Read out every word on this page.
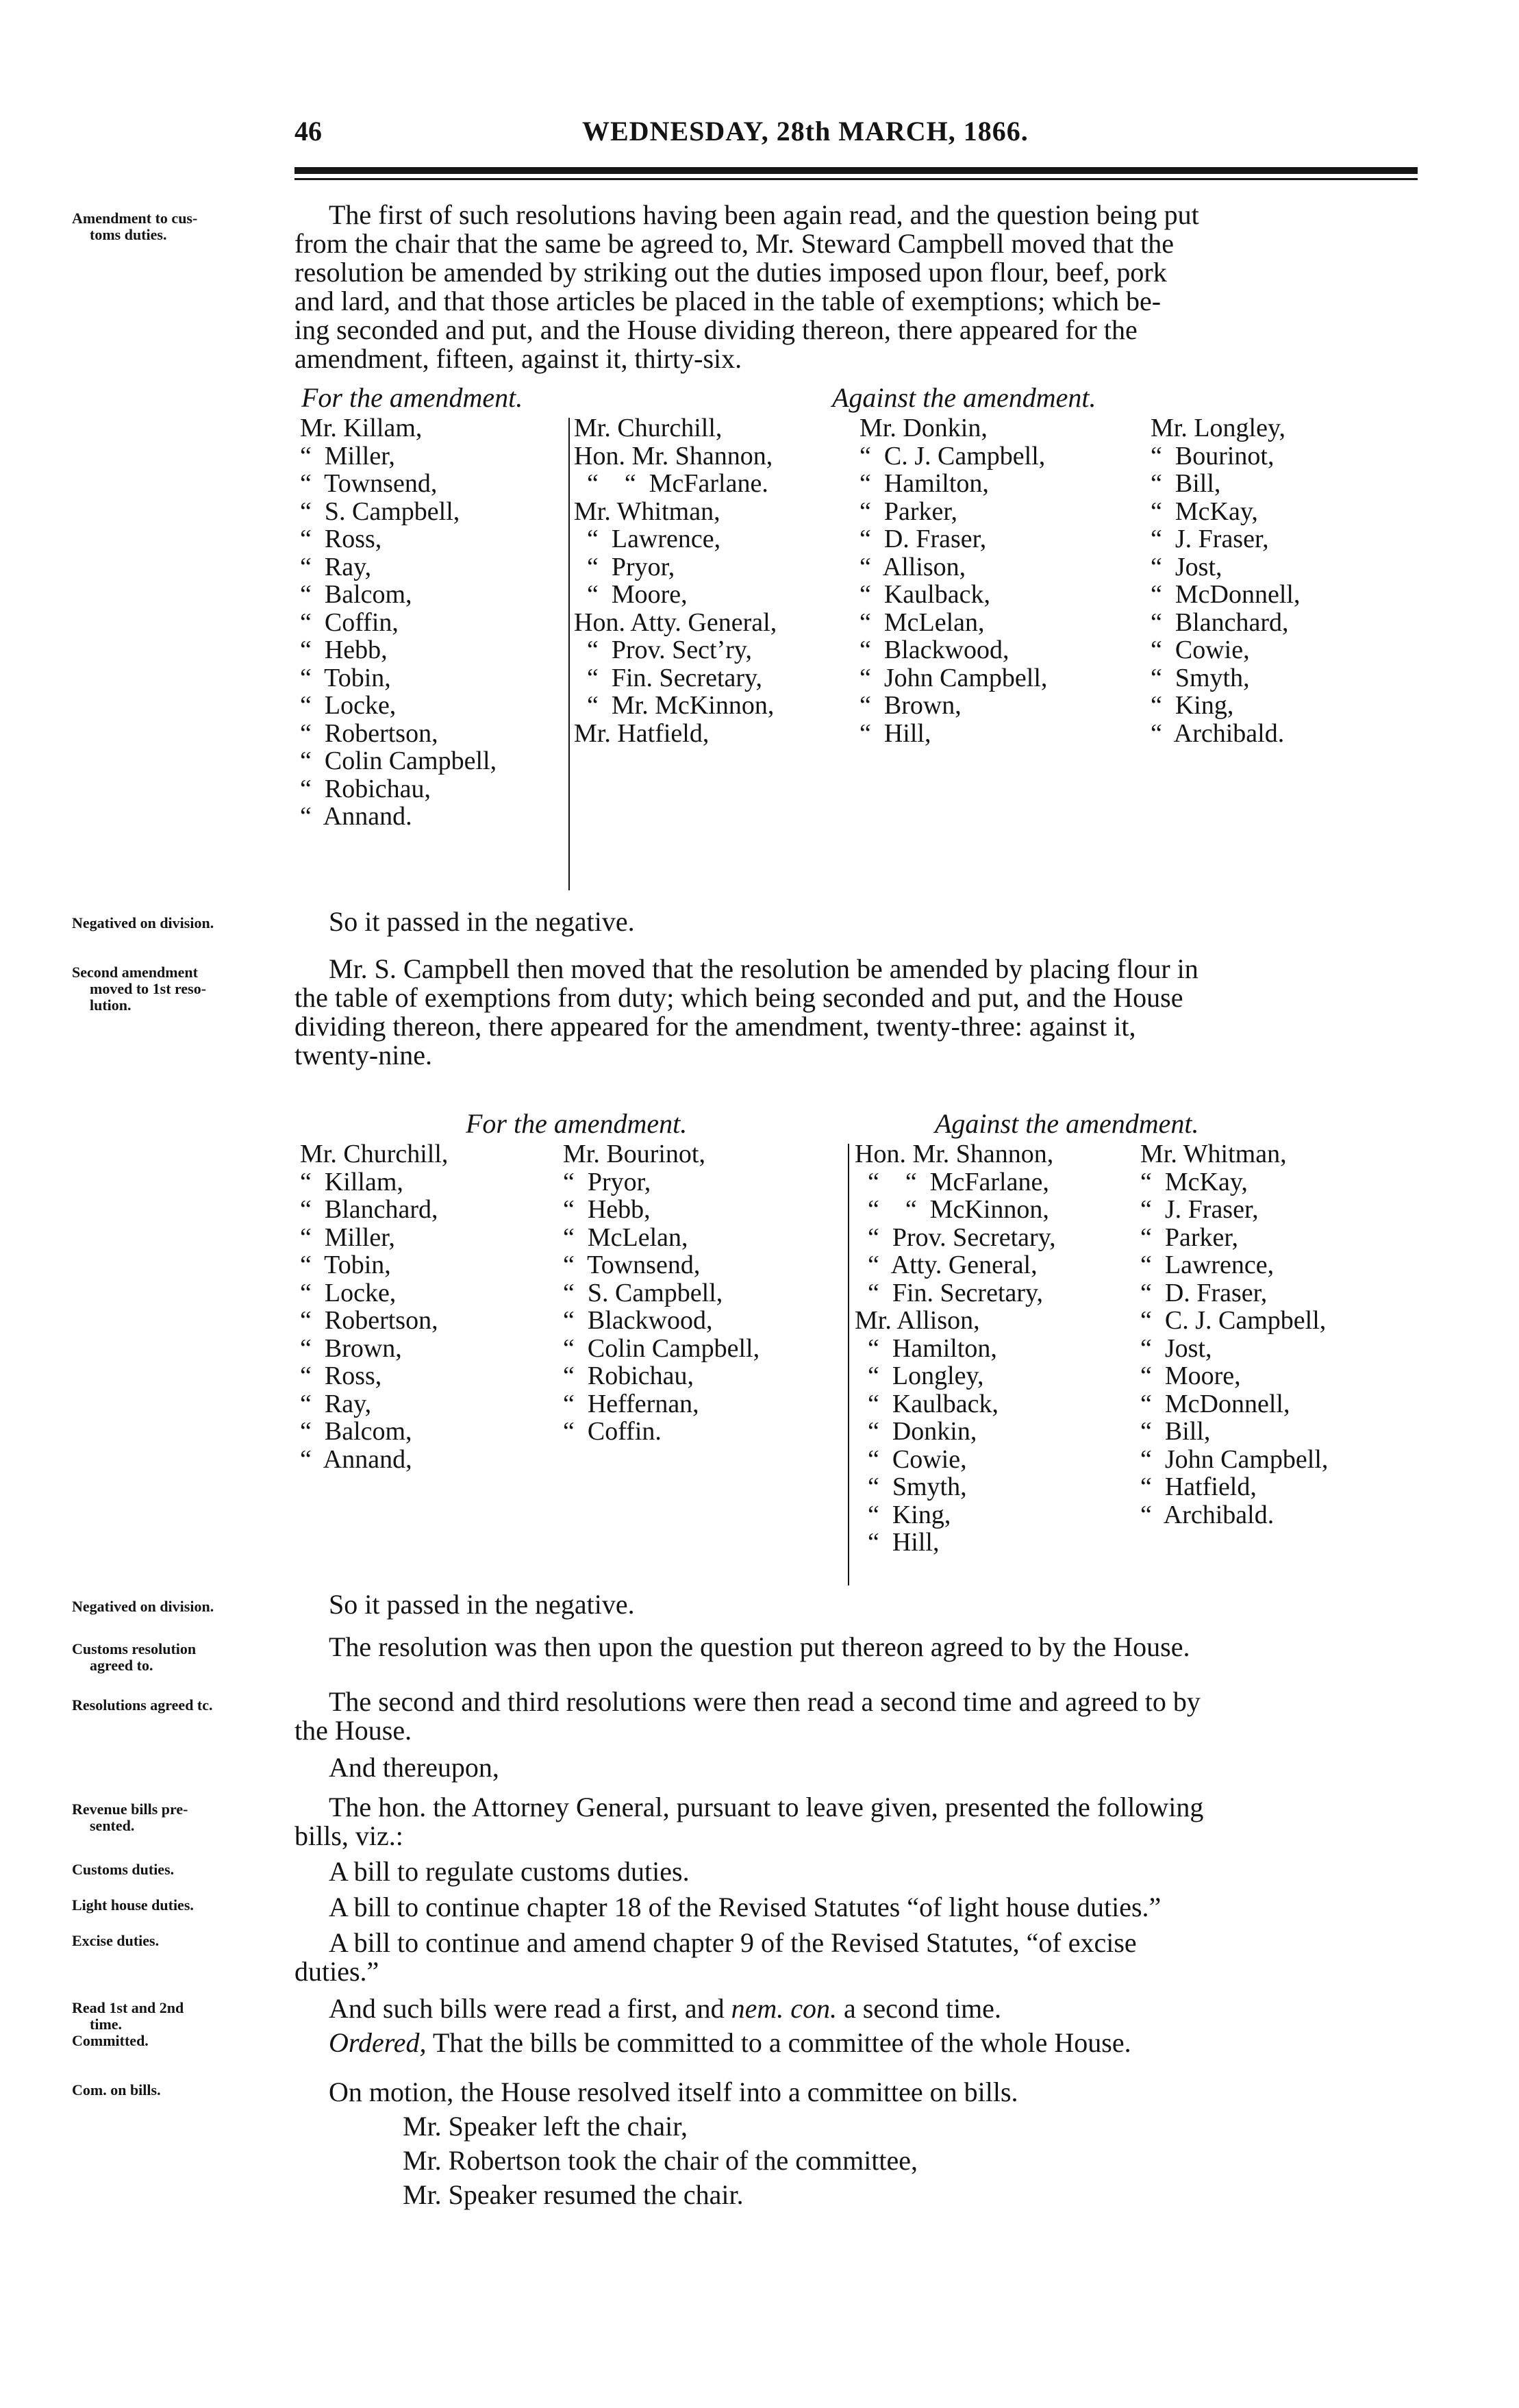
46	WEDNESDAY, 28th MARCH, 1866.
Amendment to cus-
toms duties.
Negatived on division.
Second amendment
moved to 1st reso-
lution.
Negatived on division.
Customs resolution
agreed to.
Resolutions agreed tc.
Revenue bills pre-
sented.
Customs duties.
Light house duties.
Excise duties.
Read 1st and 2nd
time.
Committed.
Com. on bills.
The first of such resolutions having been again read, and the question being put
from the chair that the same be agreed to, Mr. Steward Campbell moved that the
resolution be amended by striking out the duties imposed upon flour, beef, pork
and lard, and that those articles be placed in the table of exemptions; which be-
ing seconded and put, and the House dividing thereon, there appeared for the
amendment, fifteen, against it, thirty-six.
For the amendment.	Against the amendment.
Mr. Killam,
“  Miller,
“  Townsend,
“  S. Campbell,
“  Ross,
“  Ray,
“  Balcom,
“  Coffin,
“  Hebb,
“  Tobin,
“  Locke,
“  Robertson,
“  Colin Campbell,
“  Robichau,
“  Annand.
Mr. Churchill,
Hon. Mr. Shannon,
“    “  McFarlane.
Mr. Whitman,
“  Lawrence,
“  Pryor,
“  Moore,
Hon. Atty. General,
“  Prov. Sect’ry,
“  Fin. Secretary,
“  Mr. McKinnon,
Mr. Hatfield,
Mr. Donkin,
“  C. J. Campbell,
“  Hamilton,
“  Parker,
“  D. Fraser,
“  Allison,
“  Kaulback,
“  McLelan,
“  Blackwood,
“  John Campbell,
“  Brown,
“  Hill,
Mr. Longley,
“  Bourinot,
“  Bill,
“  McKay,
“  J. Fraser,
“  Jost,
“  McDonnell,
“  Blanchard,
“  Cowie,
“  Smyth,
“  King,
“  Archibald.
So it passed in the negative.
Mr. S. Campbell then moved that the resolution be amended by placing flour in
the table of exemptions from duty; which being seconded and put, and the House
dividing thereon, there appeared for the amendment, twenty-three: against it,
twenty-nine.
For the amendment.	Against the amendment.
Mr. Churchill,
“  Killam,
“  Blanchard,
“  Miller,
“  Tobin,
“  Locke,
“  Robertson,
“  Brown,
“  Ross,
“  Ray,
“  Balcom,
“  Annand,
Mr. Bourinot,
“  Pryor,
“  Hebb,
“  McLelan,
“  Townsend,
“  S. Campbell,
“  Blackwood,
“  Colin Campbell,
“  Robichau,
“  Heffernan,
“  Coffin.
Hon. Mr. Shannon,
“    “  McFarlane,
“    “  McKinnon,
“  Prov. Secretary,
“  Atty. General,
“  Fin. Secretary,
Mr. Allison,
“  Hamilton,
“  Longley,
“  Kaulback,
“  Donkin,
“  Cowie,
“  Smyth,
“  King,
“  Hill,
Mr. Whitman,
“  McKay,
“  J. Fraser,
“  Parker,
“  Lawrence,
“  D. Fraser,
“  C. J. Campbell,
“  Jost,
“  Moore,
“  McDonnell,
“  Bill,
“  John Campbell,
“  Hatfield,
“  Archibald.
So it passed in the negative.
The resolution was then upon the question put thereon agreed to by the House.
The second and third resolutions were then read a second time and agreed to by
the House.
And thereupon,
The hon. the Attorney General, pursuant to leave given, presented the following
bills, viz.:
A bill to regulate customs duties.
A bill to continue chapter 18 of the Revised Statutes “of light house duties.”
A bill to continue and amend chapter 9 of the Revised Statutes, “of excise
duties.”
And such bills were read a first, and nem. con. a second time.
Ordered, That the bills be committed to a committee of the whole House.
On motion, the House resolved itself into a committee on bills.
Mr. Speaker left the chair,
Mr. Robertson took the chair of the committee,
Mr. Speaker resumed the chair.
